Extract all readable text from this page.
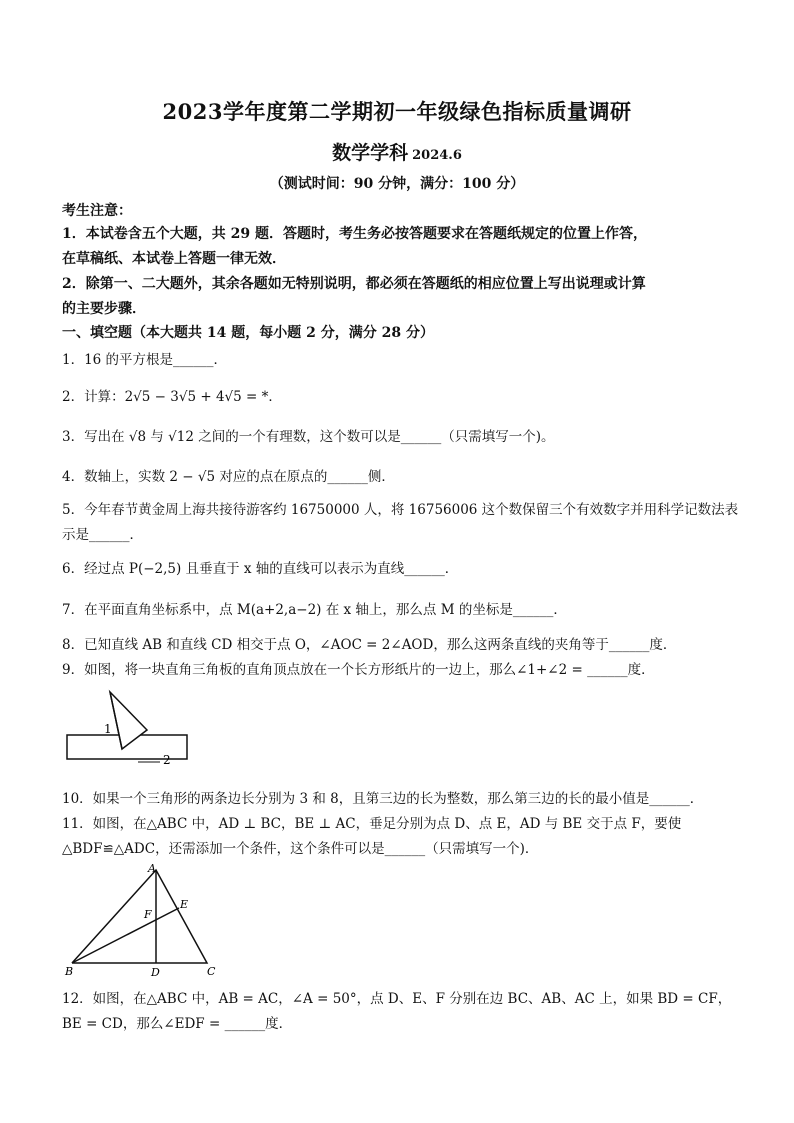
2023学年度第二学期初一年级绿色指标质量调研
数学学科 2024.6
（测试时间：90 分钟，满分：100 分）
考生注意：
1．本试卷含五个大题，共 29 题．答题时，考生务必按答题要求在答题纸规定的位置上作答，
在草稿纸、本试卷上答题一律无效．
2．除第一、二大题外，其余各题如无特别说明，都必须在答题纸的相应位置上写出说理或计算
的主要步骤．
一、填空题（本大题共 14 题，每小题 2 分，满分 28 分）
1．16 的平方根是______．
2．计算：2√5 − 3√5 + 4√5 = *．
3．写出在 √8 与 √12 之间的一个有理数，这个数可以是______（只需填写一个)。
4．数轴上，实数 2 − √5 对应的点在原点的______侧．
5．今年春节黄金周上海共接待游客约 16750000 人，将 16756006 这个数保留三个有效数字并用科学记数法表
示是______．
6．经过点 P(−2,5) 且垂直于 x 轴的直线可以表示为直线______．
7．在平面直角坐标系中，点 M(a+2,a−2) 在 x 轴上，那么点 M 的坐标是______．
8．已知直线 AB 和直线 CD 相交于点 O，∠AOC = 2∠AOD，那么这两条直线的夹角等于______度．
9．如图，将一块直角三角板的直角顶点放在一个长方形纸片的一边上，那么∠1+∠2 = ______度．
1
2
10．如果一个三角形的两条边长分别为 3 和 8，且第三边的长为整数，那么第三边的长的最小值是______．
11．如图，在△ABC 中，AD ⊥ BC，BE ⊥ AC，垂足分别为点 D、点 E，AD 与 BE 交于点 F，要使
△BDF≌△ADC，还需添加一个条件，这个条件可以是______（只需填写一个)．
A
E
F
B	D	C
12．如图，在△ABC 中，AB = AC，∠A = 50°，点 D、E、F 分别在边 BC、AB、AC 上，如果 BD = CF，
BE = CD，那么∠EDF = ______度．
